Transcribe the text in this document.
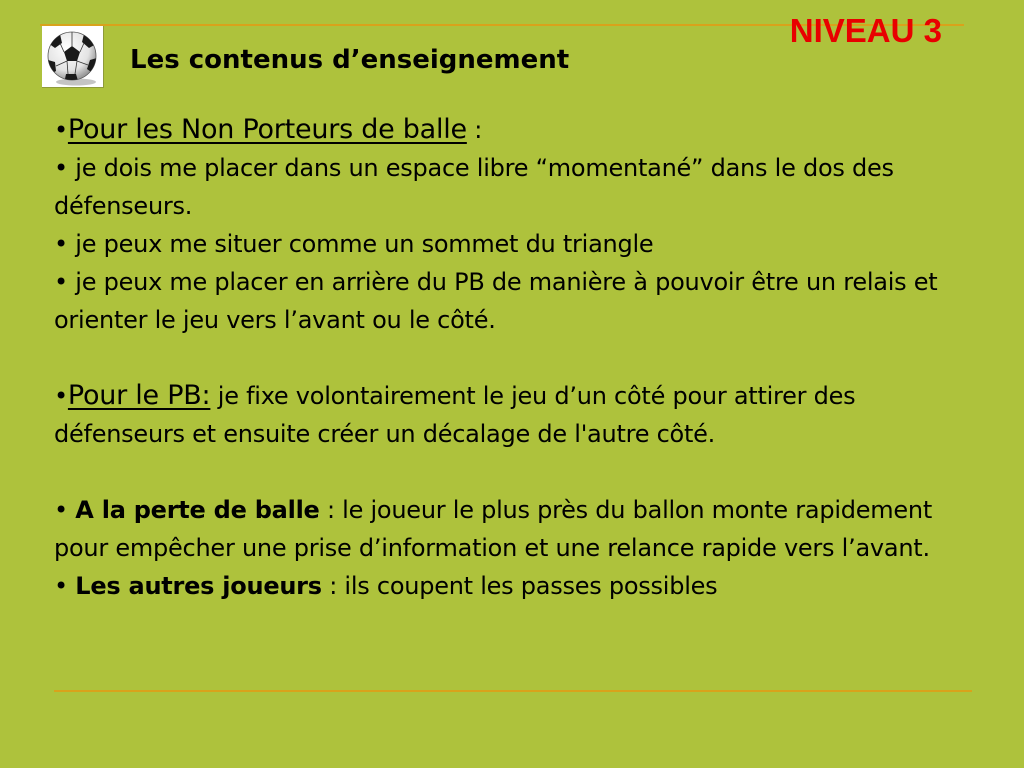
NIVEAU 3
Les contenus d’enseignement

•Pour les Non Porteurs de balle :

• je dois me placer dans un espace libre “momentané” dans le dos des défenseurs.

• je peux me situer comme un sommet du triangle

• je peux me placer en arrière du PB de manière à pouvoir être un relais et orienter le jeu vers l’avant ou le côté.

•Pour le PB: je fixe volontairement le jeu d’un côté pour attirer des défenseurs et ensuite créer un décalage de l'autre côté.

• A la perte de balle : le joueur le plus près du ballon monte rapidement pour empêcher une prise d’information et une relance rapide vers l’avant.

• Les autres joueurs : ils coupent les passes possibles
